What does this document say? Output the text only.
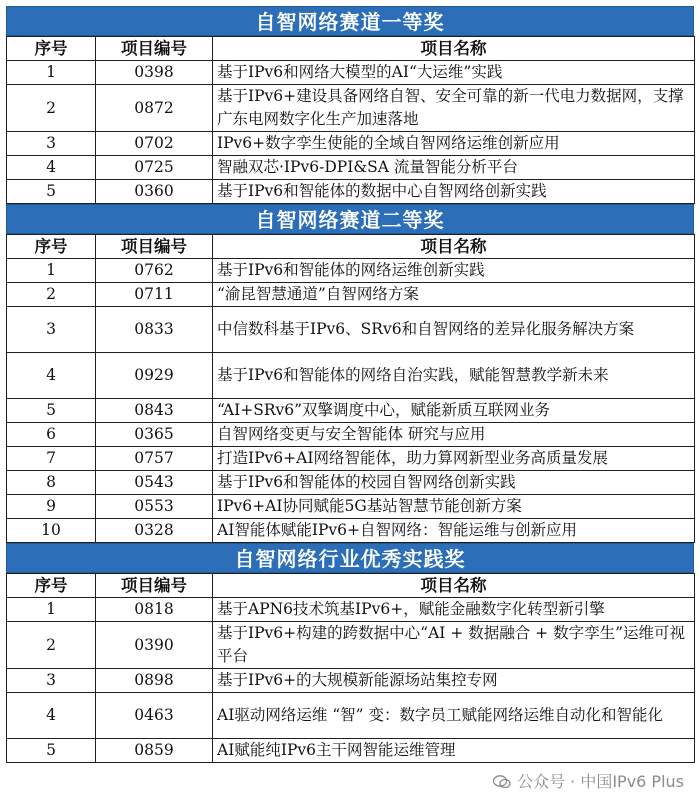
自智网络赛道一等奖
序号	项目编号	项目名称
1	0398	基于IPv6和网络大模型的AI“大运维”实践
2	0872	基于IPv6+建设具备网络自智、安全可靠的新一代电力数据网，支撑广东电网数字化生产加速落地
3	0702	IPv6+数字孪生使能的全域自智网络运维创新应用
4	0725	智融双芯·IPv6-DPI&SA 流量智能分析平台
5	0360	基于IPv6和智能体的数据中心自智网络创新实践
自智网络赛道二等奖
序号	项目编号	项目名称
1	0762	基于IPv6和智能体的网络运维创新实践
2	0711	“渝昆智慧通道”自智网络方案
3	0833	中信数科基于IPv6、SRv6和自智网络的差异化服务解决方案
4	0929	基于IPv6和智能体的网络自治实践，赋能智慧教学新未来
5	0843	“AI+SRv6”双擎调度中心，赋能新质互联网业务
6	0365	自智网络变更与安全智能体 研究与应用
7	0757	打造IPv6+AI网络智能体，助力算网新型业务高质量发展
8	0543	基于IPv6和智能体的校园自智网络创新实践
9	0553	IPv6+AI协同赋能5G基站智慧节能创新方案
10	0328	AI智能体赋能IPv6+自智网络：智能运维与创新应用
自智网络行业优秀实践奖
序号	项目编号	项目名称
1	0818	基于APN6技术筑基IPv6+，赋能金融数字化转型新引擎
2	0390	基于IPv6+构建的跨数据中心“AI + 数据融合 + 数字孪生”运维可视平台
3	0898	基于IPv6+的大规模新能源场站集控专网
4	0463	AI驱动网络运维 “智” 变：数字员工赋能网络运维自动化和智能化
5	0859	AI赋能纯IPv6主干网智能运维管理
公众号 · 中国IPv6 Plus
